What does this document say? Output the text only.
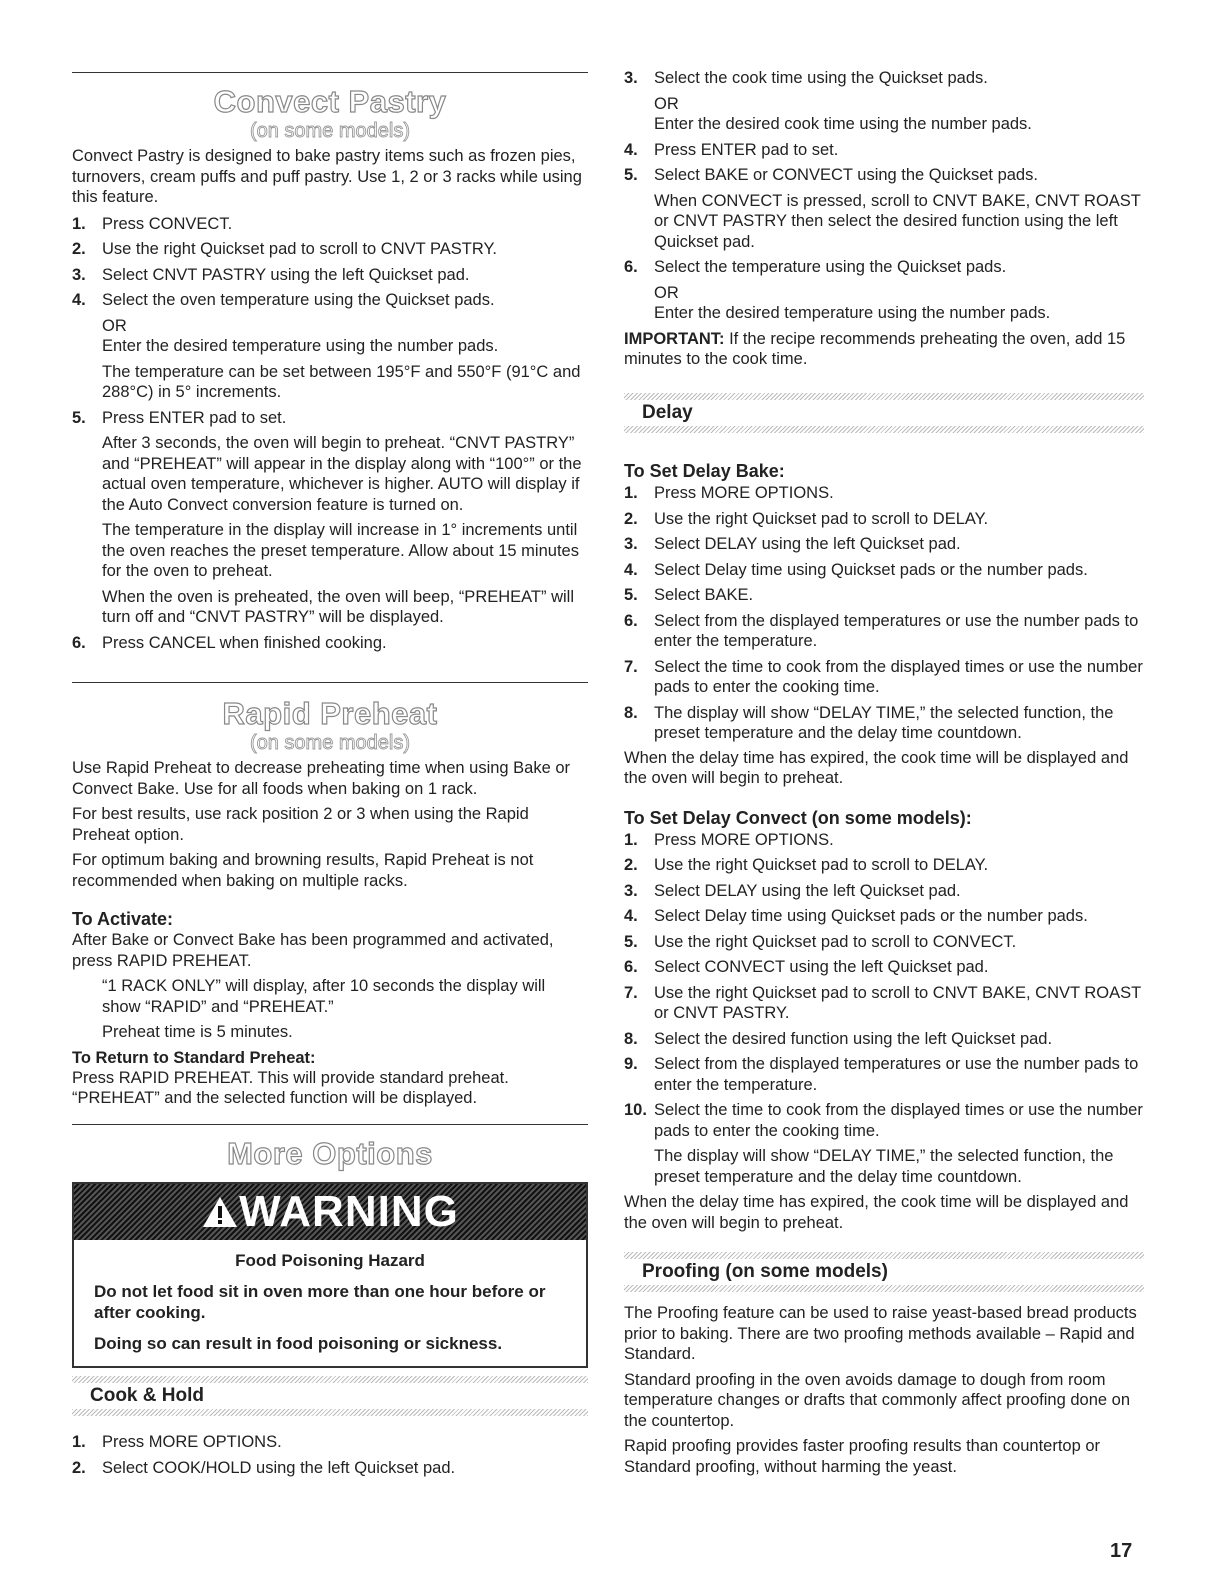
Convect Pastry
(on some models)

Convect Pastry is designed to bake pastry items such as frozen pies, turnovers, cream puffs and puff pastry. Use 1, 2 or 3 racks while using this feature.

1. Press CONVECT.
2. Use the right Quickset pad to scroll to CNVT PASTRY.
3. Select CNVT PASTRY using the left Quickset pad.
4. Select the oven temperature using the Quickset pads.

OR

Enter the desired temperature using the number pads.

The temperature can be set between 195°F and 550°F (91°C and 288°C) in 5° increments.

5. Press ENTER pad to set.

After 3 seconds, the oven will begin to preheat. “CNVT PASTRY” and “PREHEAT” will appear in the display along with “100°” or the actual oven temperature, whichever is higher. AUTO will display if the Auto Convect conversion feature is turned on.

The temperature in the display will increase in 1° increments until the oven reaches the preset temperature. Allow about 15 minutes for the oven to preheat.

When the oven is preheated, the oven will beep, “PREHEAT” will turn off and “CNVT PASTRY” will be displayed.

6. Press CANCEL when finished cooking.
Rapid Preheat
(on some models)

Use Rapid Preheat to decrease preheating time when using Bake or Convect Bake. Use for all foods when baking on 1 rack.

For best results, use rack position 2 or 3 when using the Rapid Preheat option.

For optimum baking and browning results, Rapid Preheat is not recommended when baking on multiple racks.

To Activate:

After Bake or Convect Bake has been programmed and activated, press RAPID PREHEAT.

“1 RACK ONLY” will display, after 10 seconds the display will show “RAPID” and “PREHEAT.”

Preheat time is 5 minutes.

To Return to Standard Preheat:

Press RAPID PREHEAT. This will provide standard preheat. “PREHEAT” and the selected function will be displayed.

More Options
WARNING
Food Poisoning Hazard
Do not let food sit in oven more than one hour before or after cooking.
Doing so can result in food poisoning or sickness.
Cook & Hold
1. Press MORE OPTIONS.
2. Select COOK/HOLD using the left Quickset pad.
3. Select the cook time using the Quickset pads.

OR

Enter the desired cook time using the number pads.

4. Press ENTER pad to set.
5. Select BAKE or CONVECT using the Quickset pads.

When CONVECT is pressed, scroll to CNVT BAKE, CNVT ROAST or CNVT PASTRY then select the desired function using the left Quickset pad.

6. Select the temperature using the Quickset pads.

OR

Enter the desired temperature using the number pads.

IMPORTANT: If the recipe recommends preheating the oven, add 15 minutes to the cook time.

Delay
To Set Delay Bake:
1. Press MORE OPTIONS.
2. Use the right Quickset pad to scroll to DELAY.
3. Select DELAY using the left Quickset pad.
4. Select Delay time using Quickset pads or the number pads.
5. Select BAKE.
6. Select from the displayed temperatures or use the number pads to enter the temperature.
7. Select the time to cook from the displayed times or use the number pads to enter the cooking time.
8. The display will show “DELAY TIME,” the selected function, the preset temperature and the delay time countdown.

When the delay time has expired, the cook time will be displayed and the oven will begin to preheat.

To Set Delay Convect (on some models):
1. Press MORE OPTIONS.
2. Use the right Quickset pad to scroll to DELAY.
3. Select DELAY using the left Quickset pad.
4. Select Delay time using Quickset pads or the number pads.
5. Use the right Quickset pad to scroll to CONVECT.
6. Select CONVECT using the left Quickset pad.
7. Use the right Quickset pad to scroll to CNVT BAKE, CNVT ROAST or CNVT PASTRY.
8. Select the desired function using the left Quickset pad.
9. Select from the displayed temperatures or use the number pads to enter the temperature.
10. Select the time to cook from the displayed times or use the number pads to enter the cooking time.

The display will show “DELAY TIME,” the selected function, the preset temperature and the delay time countdown.

When the delay time has expired, the cook time will be displayed and the oven will begin to preheat.

Proofing (on some models)

The Proofing feature can be used to raise yeast-based bread products prior to baking. There are two proofing methods available – Rapid and Standard.

Standard proofing in the oven avoids damage to dough from room temperature changes or drafts that commonly affect proofing done on the countertop.

Rapid proofing provides faster proofing results than countertop or Standard proofing, without harming the yeast.

17
